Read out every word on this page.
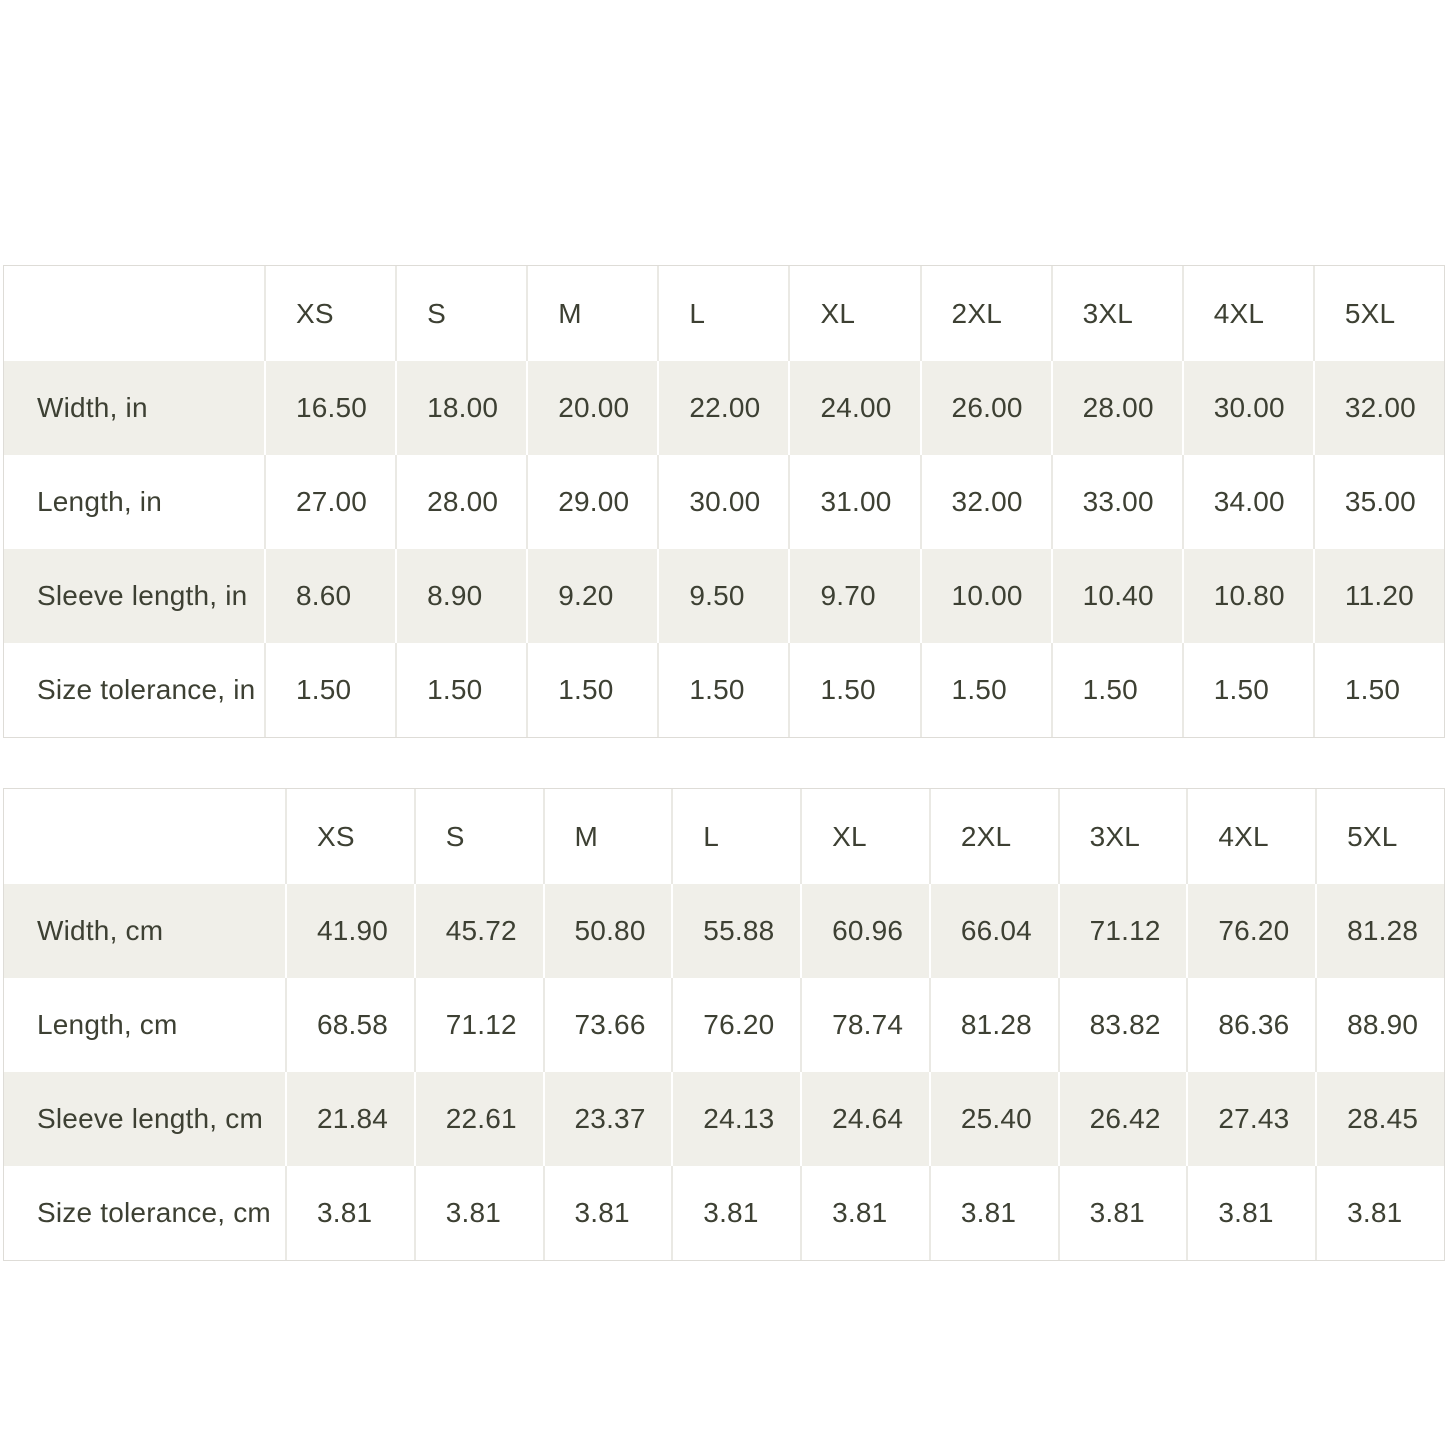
	XS	S	M	L	XL	2XL	3XL	4XL	5XL
Width, in	16.50	18.00	20.00	22.00	24.00	26.00	28.00	30.00	32.00
Length, in	27.00	28.00	29.00	30.00	31.00	32.00	33.00	34.00	35.00
Sleeve length, in	8.60	8.90	9.20	9.50	9.70	10.00	10.40	10.80	11.20
Size tolerance, in	1.50	1.50	1.50	1.50	1.50	1.50	1.50	1.50	1.50
	XS	S	M	L	XL	2XL	3XL	4XL	5XL
Width, cm	41.90	45.72	50.80	55.88	60.96	66.04	71.12	76.20	81.28
Length, cm	68.58	71.12	73.66	76.20	78.74	81.28	83.82	86.36	88.90
Sleeve length, cm	21.84	22.61	23.37	24.13	24.64	25.40	26.42	27.43	28.45
Size tolerance, cm	3.81	3.81	3.81	3.81	3.81	3.81	3.81	3.81	3.81
